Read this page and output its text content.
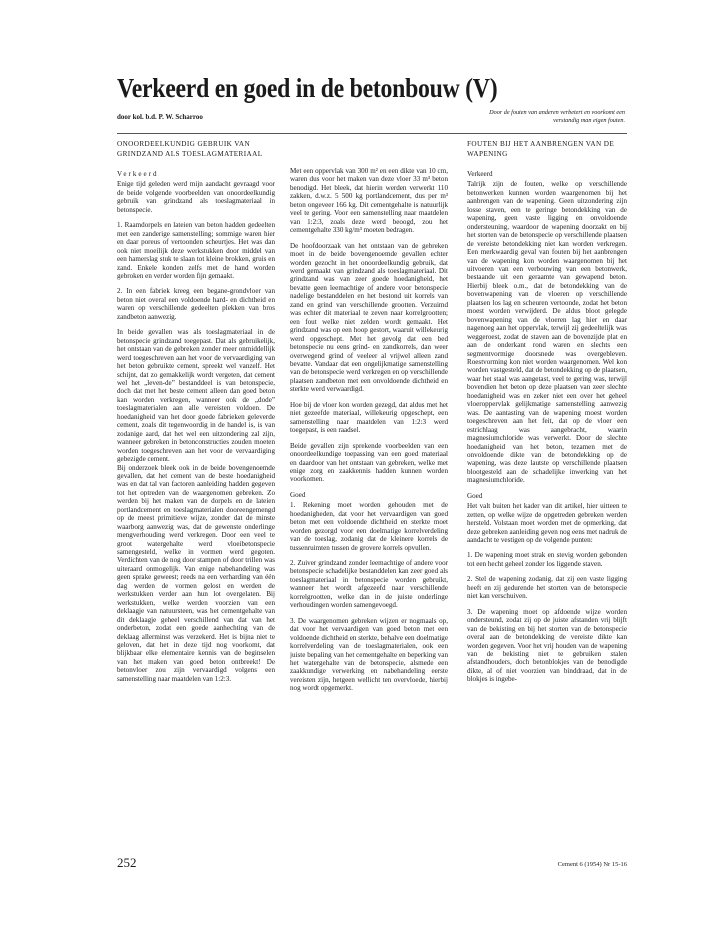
Verkeerd en goed in de betonbouw (V)
door kol. b.d. P. W. Scharroo
Door de fouten van anderen verbetert en voorkomt een verstandig man eigen fouten.
ONOORDEELKUNDIG GEBRUIK VAN GRINDZAND ALS TOESLAGMATERIAAL
Verkeerd

Enige tijd geleden werd mijn aandacht gevraagd voor de beide volgende voorbeelden van onoordeelkundig gebruik van grindzand als toeslagmateriaal in betonspecie.

1. Raamdorpels en lateien van beton hadden gedeelten met een zanderige samenstelling; sommige waren hier en daar poreus of vertoonden scheurtjes. Het was dan ook niet moeilijk deze werkstukken door middel van een hamerslag stuk te slaan tot kleine brokken, gruis en zand. Enkele konden zelfs met de hand worden gebroken en verder worden fijn gemaakt.

2. In een fabriek kreeg een begane-grondvloer van beton niet overal een voldoende hard- en dichtheid en waren op verschillende gedeelten plekken van bros zandbeton aanwezig.

In beide gevallen was als toeslagmateriaal in de betonspecie grindzand toegepast. Dat als gebruikelijk, het ontstaan van de gebreken zonder meer onmiddellijk werd toegeschreven aan het voor de vervaardiging van het beton gebruikte cement, spreekt wel vanzelf. Het schijnt, dat zo gemakkelijk wordt vergeten, dat cement wel het „leven-de” bestanddeel is van betonspecie, doch dat met het beste cement alleen dan goed beton kan worden verkregen, wanneer ook de „dode” toeslagmaterialen aan alle vereisten voldoen. De hoedanigheid van het door goede fabrieken geleverde cement, zoals dit tegenwoordig in de handel is, is van zodanige aard, dat het wel een uitzondering zal zijn, wanneer gebreken in betonconstructies zouden moeten worden toegeschreven aan het voor de vervaardiging gebezigde cement.

Bij onderzoek bleek ook in de beide bovengenoemde gevallen, dat het cement van de beste hoedanigheid was en dat tal van factoren aanleiding hadden gegeven tot het optreden van de waargenomen gebreken. Zo werden bij het maken van de dorpels en de lateien portlandcement en toeslagmaterialen dooreengemengd op de meest primitieve wijze, zonder dat de minste waarborg aanwezig was, dat de gewenste onderlinge mengverhouding werd verkregen. Door een veel te groot watergehalte werd vloeibetonspecie samengesteld, welke in vormen werd gegoten. Verdichten van de nog door stampen of door trillen was uiteraard onmogelijk. Van enige nabehandeling was geen sprake geweest; reeds na een verharding van één dag werden de vormen gelost en werden de werkstukken verder aan hun lot overgelaten. Bij werkstukken, welke werden voorzien van een deklaagje van natuursteen, was het cementgehalte van dit deklaagje geheel verschillend van dat van het onderbeton, zodat een goede aanhechting van de deklaag allerminst was verzekerd. Het is bijna niet te geloven, dat het in deze tijd nog voorkomt, dat blijkbaar elke elementaire kennis van de beginselen van het maken van goed beton ontbreekt! De betonvloer zou zijn vervaardigd volgens een samenstelling naar maatdelen van 1:2:3.

Met een oppervlak van 300 m² en een dikte van 10 cm, waren dus voor het maken van deze vloer 33 m³ beton benodigd. Het bleek, dat hierin werden verwerkt 110 zakken, d.w.z. 5 500 kg portlandcement, dus per m³ beton ongeveer 166 kg. Dit cementgehalte is natuurlijk veel te gering. Voor een samenstelling naar maatdelen van 1:2:3, zoals deze werd beoogd, zou het cementgehalte 330 kg/m³ moeten bedragen.

De hoofdoorzaak van het ontstaan van de gebreken moet in de beide bovengenoemde gevallen echter worden gezocht in het onoordeelkundig gebruik, dat werd gemaakt van grindzand als toeslagmateriaal. Dit grindzand was van zeer goede hoedanigheid, het bevatte geen leemachtige of andere voor betonspecie nadelige bestanddelen en het bestond uit korrels van zand en grind van verschillende grootten. Verzuimd was echter dit materiaal te zeven naar korrelgrootten; een fout welke niet zelden wordt gemaakt. Het grindzand was op een hoop gestort, waaruit willekeurig werd opgeschept. Met het gevolg dat een bed betonspecie nu eens grind- en zandkorrels, dan weer overwegend grind of veeleer al vrijwel alleen zand bevatte. Vandaar dat een ongelijkmatige samenstelling van de betonspecie werd verkregen en op verschillende plaatsen zandbeton met een onvoldoende dichtheid en sterkte werd verwaardigd.

Hoe bij de vloer kon worden gezegd, dat aldus met het niet gezeefde materiaal, willekeurig opgeschept, een samenstelling naar maatdelen van 1:2:3 werd toegepast, is een raadsel.

Beide gevallen zijn sprekende voorbeelden van een onoordeelkundige toepassing van een goed materiaal en daardoor van het ontstaan van gebreken, welke met enige zorg en zaakkennis hadden kunnen worden voorkomen.

Goed

1. Rekening moet worden gehouden met de hoedanigheden, dat voor het vervaardigen van goed beton met een voldoende dichtheid en sterkte moet worden gezorgd voor een doelmatige korrelverdeling van de toeslag, zodanig dat de kleinere korrels de tussenruimten tussen de grovere korrels opvullen.

2. Zuiver grindzand zonder leemachtige of andere voor betonspecie schadelijke bestanddelen kan zeer goed als toeslagmateriaal in betonspecie worden gebruikt, wanneer het wordt afgezeefd naar verschillende korrelgrootten, welke dan in de juiste onderlinge verhoudingen worden samengevoegd.

3. De waargenomen gebreken wijzen er nogmaals op, dat voor het vervaardigen van goed beton met een voldoende dichtheid en sterkte, behalve een doelmatige korrelverdeling van de toeslagmaterialen, ook een juiste bepaling van het cementgehalte en beperking van het watergehalte van de betonspecie, alsmede een zaakkundige verwerking en nabehandeling eerste vereisten zijn, hetgeen wellicht ten overvloede, hierbij nog wordt opgemerkt.

FOUTEN BIJ HET AANBRENGEN VAN DE WAPENING
Verkeerd

Talrijk zijn de fouten, welke op verschillende betonwerken kunnen worden waargenomen bij het aanbrengen van de wapening. Geen uitzondering zijn losse staven, een te geringe betondekking van de wapening, geen vaste ligging en onvoldoende ondersteuning, waardoor de wapening doorzakt en bij het storten van de betonspecie op verschillende plaatsen de vereiste betondekking niet kan worden verkregen. Een merkwaardig geval van fouten bij het aanbrengen van de wapening kon worden waargenomen bij het uitvoeren van een verbouwing van een betonwerk, bestaande uit een geraamte van gewapend beton. Hierbij bleek o.m., dat de betondekking van de bovenwapening van de vloeren op verschillende plaatsen los lag en scheuren vertoonde, zodat het beton moest worden verwijderd. De aldus bloot gelegde bovenwapening van de vloeren lag hier en daar nagenoeg aan het oppervlak, terwijl zij gedeeltelijk was weggeroest, zodat de staven aan de bovenzijde plat en aan de onderkant rond waren en slechts een segmentvormige doorsnede was overgebleven. Roestvorming kon niet worden waargenomen. Wel kon worden vastgesteld, dat de betondekking op de plaatsen, waar het staal was aangetast, veel te gering was, terwijl bovendien het beton op deze plaatsen van zeer slechte hoedanigheid was en zeker niet een over het geheel vloeroppervlak gelijkmatige samenstelling aanwezig was. De aantasting van de wapening moest worden toegeschreven aan het feit, dat op de vloer een estrichlaag was aangebracht, waarin magnesiumchloride was verwerkt. Door de slechte hoedanigheid van het beton, tezamen met de onvoldoende dikte van de betondekking op de wapening, was deze lautste op verschillende plaatsen blootgesteld aan de schadelijke inwerking van het magnesiumchloride.

Goed

Het valt buiten het kader van dit artikel, hier uitteen te zetten, op welke wijze de opgetreden gebreken werden hersteld. Volstaan moet worden met de opmerking, dat deze gebreken aanleiding geven nog eens met nadruk de aandacht te vestigen op de volgende punten:

1. De wapening moet strak en stevig worden gebonden tot een hecht geheel zonder los liggende staven.

2. Stel de wapening zodanig, dat zij een vaste ligging heeft en zij gedurende het storten van de betonspecie niet kan verschuiven.

3. De wapening moet op afdoende wijze worden ondersteund, zodat zij op de juiste afstanden vrij blijft van de bekisting en bij het storten van de betonspecie overal aan de betondekking de vereiste dikte kan worden gegeven. Voor het vrij houden van de wapening van de bekisting niet te gebruiken stalen afstandhouders, doch betonblokjes van de benodigde dikte, al of niet voorzien van binddraad, dat in de blokjes is ingebe-

252	Cement 6 (1954) Nr 15-16
